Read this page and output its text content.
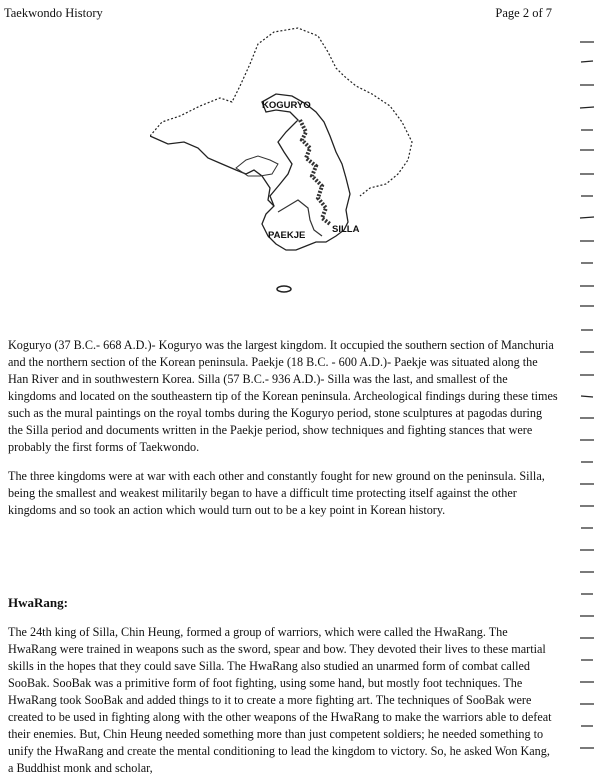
Taekwondo History	Page 2 of 7
KOGURYO
PAEKJE
SILLA

Koguryo (37 B.C.- 668 A.D.)- Koguryo was the largest kingdom. It occupied the southern section of Manchuria and the northern section of the Korean peninsula. Paekje (18 B.C. - 600 A.D.)- Paekje was situated along the Han River and in southwestern Korea. Silla (57 B.C.- 936 A.D.)- Silla was the last, and smallest of the kingdoms and located on the southeastern tip of the Korean peninsula. Archeological findings during these times such as the mural paintings on the royal tombs during the Koguryo period, stone sculptures at pagodas during the Silla period and documents written in the Paekje period, show techniques and fighting stances that were probably the first forms of Taekwondo.

The three kingdoms were at war with each other and constantly fought for new ground on the peninsula. Silla, being the smallest and weakest militarily began to have a difficult time protecting itself against the other kingdoms and so took an action which would turn out to be a key point in Korean history.

HwaRang:

The 24th king of Silla, Chin Heung, formed a group of warriors, which were called the HwaRang. The HwaRang were trained in weapons such as the sword, spear and bow. They devoted their lives to these martial skills in the hopes that they could save Silla. The HwaRang also studied an unarmed form of combat called SooBak. SooBak was a primitive form of foot fighting, using some hand, but mostly foot techniques. The HwaRang took SooBak and added things to it to create a more fighting art. The techniques of SooBak were created to be used in fighting along with the other weapons of the HwaRang to make the warriors able to defeat their enemies. But, Chin Heung needed something more than just competent soldiers; he needed something to unify the HwaRang and create the mental conditioning to lead the kingdom to victory. So, he asked Won Kang, a Buddhist monk and scholar,
